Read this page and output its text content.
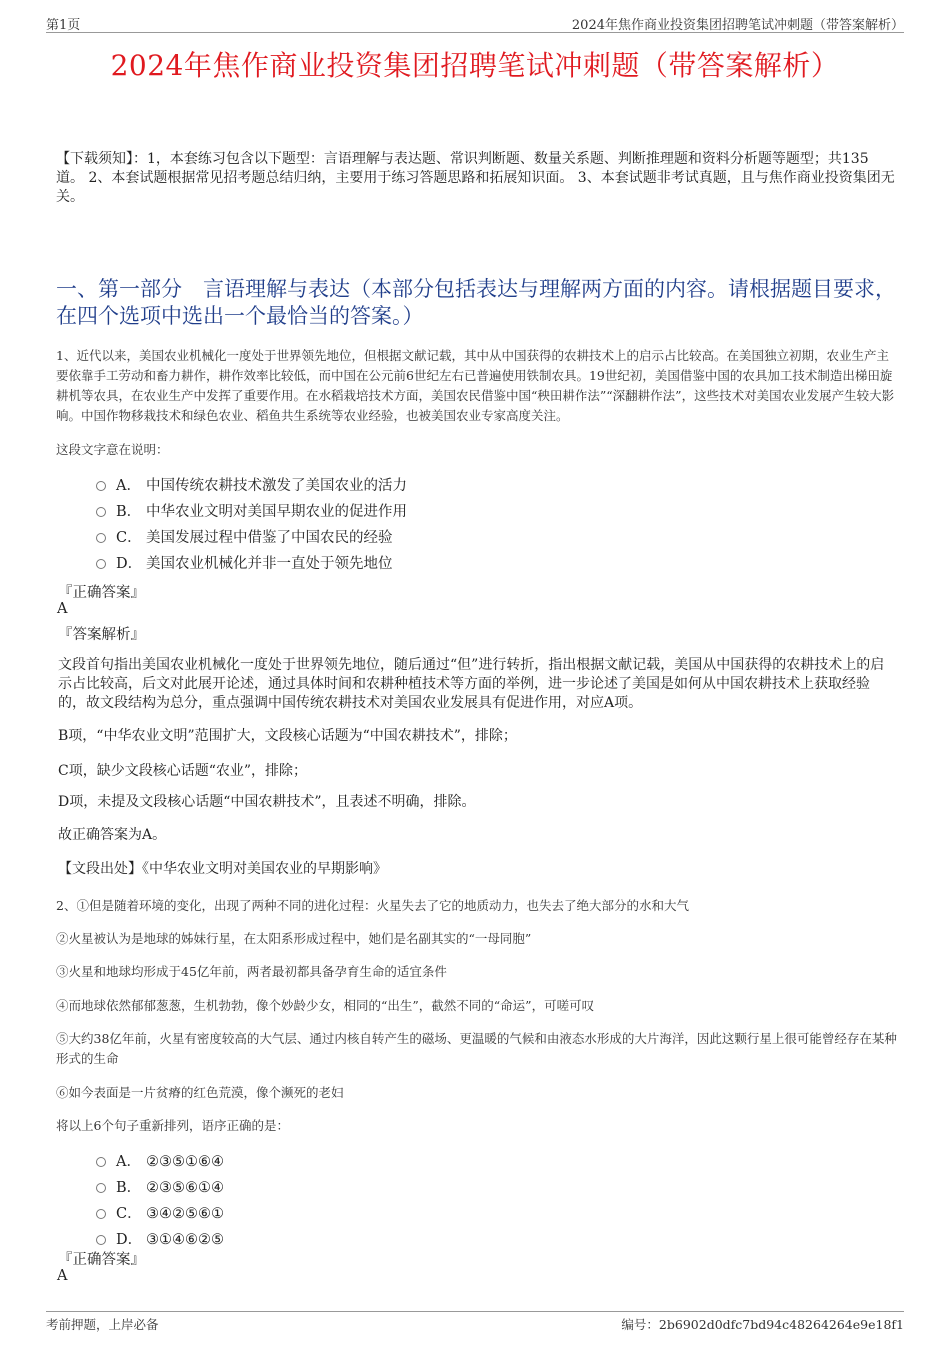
第1页	2024年焦作商业投资集团招聘笔试冲刺题（带答案解析）
2024年焦作商业投资集团招聘笔试冲刺题（带答案解析）
【下载须知】：1，本套练习包含以下题型：言语理解与表达题、常识判断题、数量关系题、判断推理题和资料分析题等题型；共135道。 2、本套试题根据常见招考题总结归纳，主要用于练习答题思路和拓展知识面。 3、本套试题非考试真题，且与焦作商业投资集团无关。
一、第一部分　言语理解与表达（本部分包括表达与理解两方面的内容。请根据题目要求，在四个选项中选出一个最恰当的答案。）
1、近代以来，美国农业机械化一度处于世界领先地位，但根据文献记载，其中从中国获得的农耕技术上的启示占比较高。在美国独立初期，农业生产主要依靠手工劳动和畜力耕作，耕作效率比较低，而中国在公元前6世纪左右已普遍使用铁制农具。19世纪初，美国借鉴中国的农具加工技术制造出梯田旋耕机等农具，在农业生产中发挥了重要作用。在水稻栽培技术方面，美国农民借鉴中国“秧田耕作法”“深翻耕作法”，这些技术对美国农业发展产生较大影响。中国作物移栽技术和绿色农业、稻鱼共生系统等农业经验，也被美国农业专家高度关注。
这段文字意在说明：
A． 中国传统农耕技术激发了美国农业的活力
B． 中华农业文明对美国早期农业的促进作用
C． 美国发展过程中借鉴了中国农民的经验
D． 美国农业机械化并非一直处于领先地位
『正确答案』
A
『答案解析』
文段首句指出美国农业机械化一度处于世界领先地位，随后通过“但”进行转折，指出根据文献记载，美国从中国获得的农耕技术上的启示占比较高，后文对此展开论述，通过具体时间和农耕种植技术等方面的举例，进一步论述了美国是如何从中国农耕技术上获取经验的，故文段结构为总分，重点强调中国传统农耕技术对美国农业发展具有促进作用，对应A项。
B项，“中华农业文明”范围扩大，文段核心话题为“中国农耕技术”，排除；
C项，缺少文段核心话题“农业”，排除；
D项，未提及文段核心话题“中国农耕技术”，且表述不明确，排除。
故正确答案为A。
【文段出处】《中华农业文明对美国农业的早期影响》
2、①但是随着环境的变化，出现了两种不同的进化过程：火星失去了它的地质动力，也失去了绝大部分的水和大气
②火星被认为是地球的姊妹行星，在太阳系形成过程中，她们是名副其实的“一母同胞”
③火星和地球均形成于45亿年前，两者最初都具备孕育生命的适宜条件
④而地球依然郁郁葱葱，生机勃勃，像个妙龄少女，相同的“出生”，截然不同的“命运”，可嗟可叹
⑤大约38亿年前，火星有密度较高的大气层、通过内核自转产生的磁场、更温暖的气候和由液态水形成的大片海洋，因此这颗行星上很可能曾经存在某种形式的生命
⑥如今表面是一片贫瘠的红色荒漠，像个濒死的老妇
将以上6个句子重新排列，语序正确的是：
A． ②③⑤①⑥④
B． ②③⑤⑥①④
C． ③④②⑤⑥①
D． ③①④⑥②⑤
『正确答案』
A
考前押题，上岸必备	编号：2b6902d0dfc7bd94c48264264e9e18f1
